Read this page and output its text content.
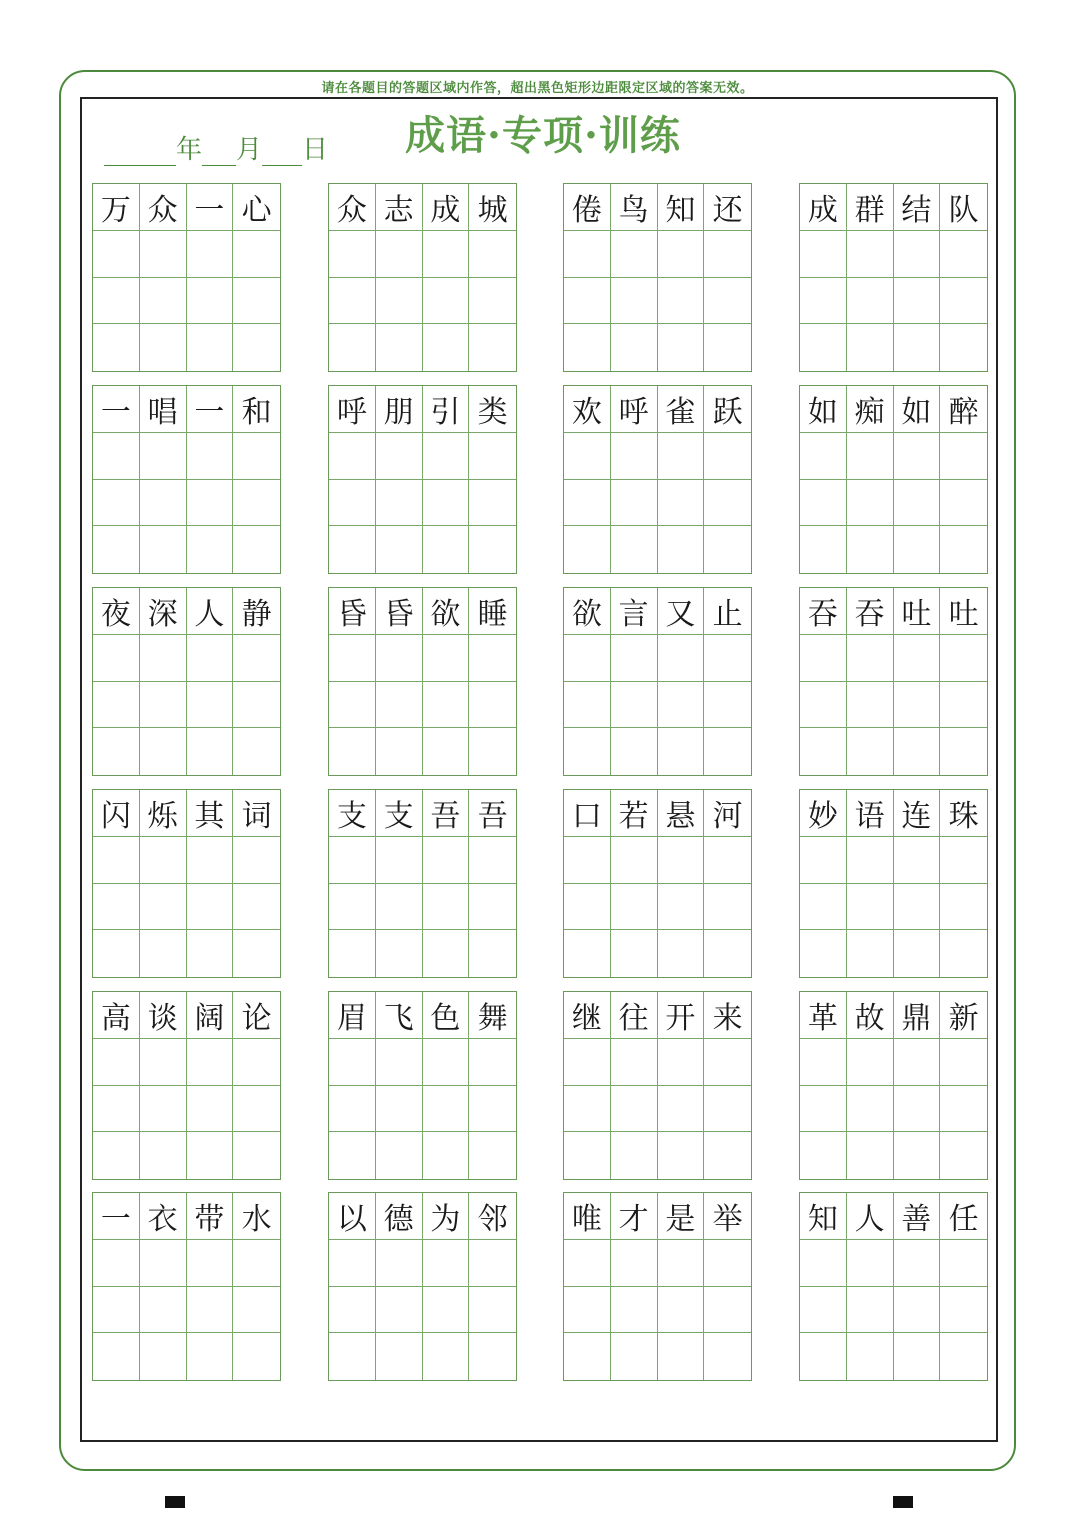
请在各题目的答题区域内作答，超出黑色矩形边距限定区域的答案无效。
年 月 日	成语·专项·训练
万 众 一 心 众 志 成 城 倦 鸟 知 还 成 群 结 队
一 唱 一 和 呼 朋 引 类 欢 呼 雀 跃 如 痴 如 醉
夜 深 人 静 昏 昏 欲 睡 欲 言 又 止 吞 吞 吐 吐
闪 烁 其 词 支 支 吾 吾 口 若 悬 河 妙 语 连 珠
高 谈 阔 论 眉 飞 色 舞 继 往 开 来 革 故 鼎 新
一 衣 带 水 以 德 为 邻 唯 才 是 举 知 人 善 任
